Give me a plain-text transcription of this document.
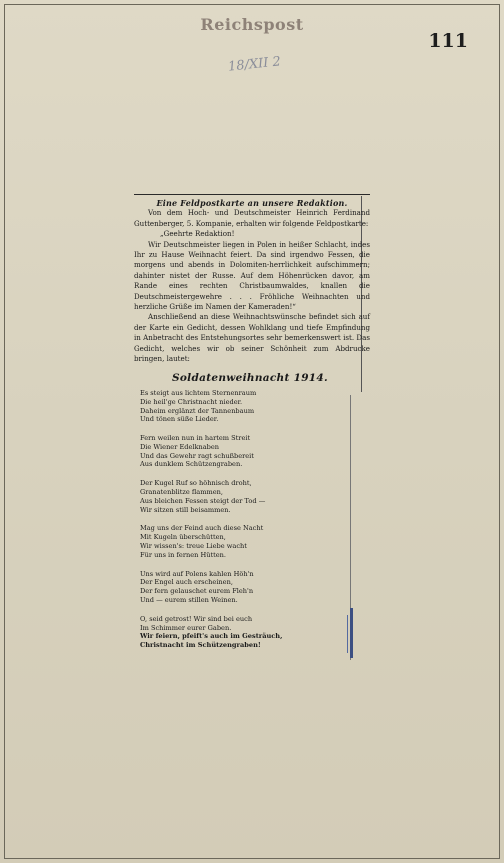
Reichspost
111
18/XII 2
Eine Feldpostkarte an unsere Redaktion.

Von dem Hoch- und Deutschmeister Heinrich Ferdinand Guttenberger, 5. Kompanie, erhalten wir folgende Feldpostkarte:

„Geehrte Redaktion!

Wir Deutschmeister liegen in Polen in heißer Schlacht, indes Ihr zu Hause Weihnacht feiert. Da sind irgendwo Fessen, die morgens und abends in Dolomiten-herrlichkeit aufschimmern; dahinter nistet der Russe. Auf dem Höhenrücken davor, am Rande eines rechten Christbaumwaldes, knallen die Deutschmeistergewehre . . . Fröhliche Weihnachten und herzliche Grüße im Namen der Kameraden!“

Anschließend an diese Weihnachtswünsche befindet sich auf der Karte ein Gedicht, dessen Wohlklang und tiefe Empfindung in Anbetracht des Entstehungsortes sehr bemerkenswert ist. Das Gedicht, welches wir ob seiner Schönheit zum Abdrucke bringen, lautet:

Soldatenweihnacht 1914.
Es steigt aus lichtem Sternenraum
Die heil'ge Christnacht nieder.
Daheim erglänzt der Tannenbaum
Und tönen süße Lieder.
Fern weilen nun in hartem Streit
Die Wiener Edelknaben
Und das Gewehr ragt schußbereit
Aus dunklem Schützengraben.
Der Kugel Ruf so höhnisch droht,
Granatenblitze flammen,
Aus bleichen Fessen steigt der Tod —
Wir sitzen still beisammen.
Mag uns der Feind auch diese Nacht
Mit Kugeln überschütten,
Wir wissen's: treue Liebe wacht
Für uns in fernen Hütten.
Uns wird auf Polens kahlen Höh'n
Der Engel auch erscheinen,
Der fern gelauschet eurem Fleh'n
Und — eurem stillen Weinen.
O, seid getrost! Wir sind bei euch
Im Schimmer eurer Gaben.
Wir feiern, pfeift's auch im Gesträuch,
Christnacht im Schützengraben!
